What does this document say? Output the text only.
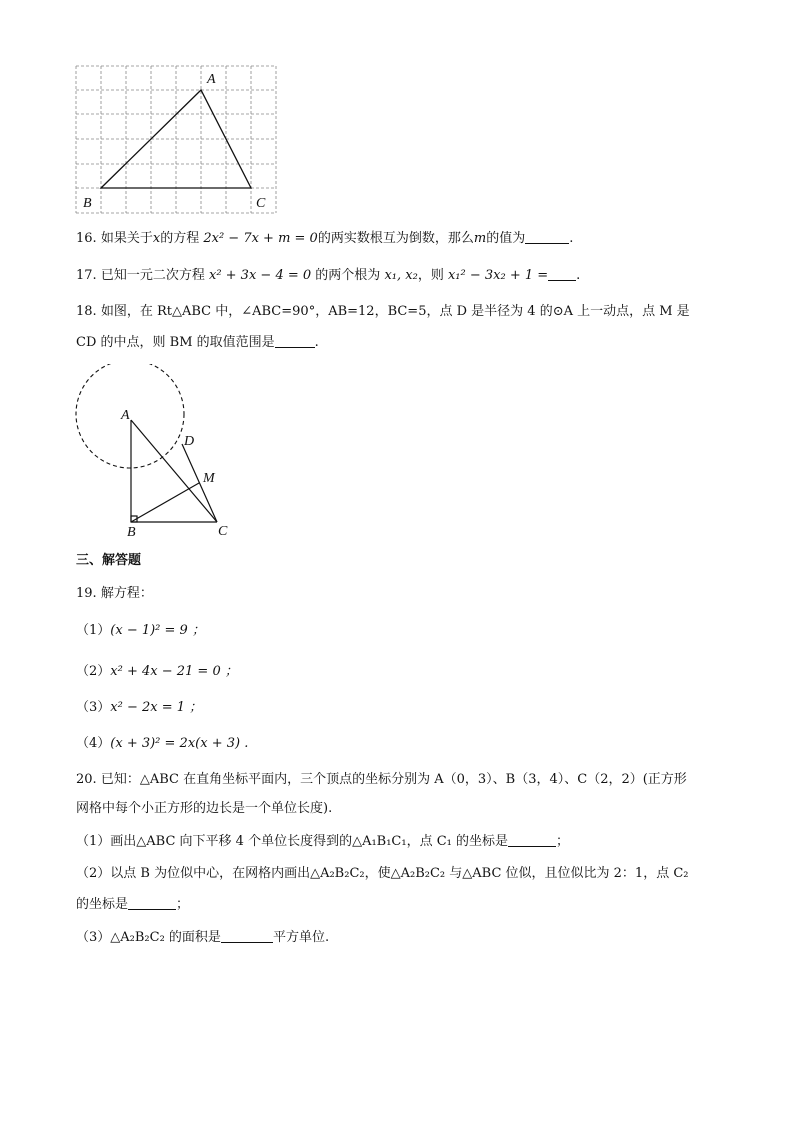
A
B	C
16. 如果关于x的方程 2x² − 7x + m = 0的两实数根互为倒数，那么m的值为	.
17. 已知一元二次方程 x² + 3x − 4 = 0 的两个根为 x₁, x₂，则 x₁² − 3x₂ + 1 = .
18. 如图，在 Rt△ABC 中，∠ABC=90°，AB=12，BC=5，点 D 是半径为 4 的⊙A 上一动点，点 M 是
CD 的中点，则 BM 的取值范围是	.
A
D
M
B	C
三、解答题
19. 解方程：
（1）(x − 1)² = 9 ；
（2）x² + 4x − 21 = 0 ；
（3）x² − 2x = 1 ；
（4）(x + 3)² = 2x(x + 3) .
20. 已知：△ABC 在直角坐标平面内，三个顶点的坐标分别为 A（0，3）、B（3，4）、C（2，2）(正方形
网格中每个小正方形的边长是一个单位长度).
（1）画出△ABC 向下平移 4 个单位长度得到的△A₁B₁C₁，点 C₁ 的坐标是	；
（2）以点 B 为位似中心，在网格内画出△A₂B₂C₂，使△A₂B₂C₂ 与△ABC 位似，且位似比为 2：1，点 C₂
的坐标是	；
（3）△A₂B₂C₂ 的面积是	平方单位.
